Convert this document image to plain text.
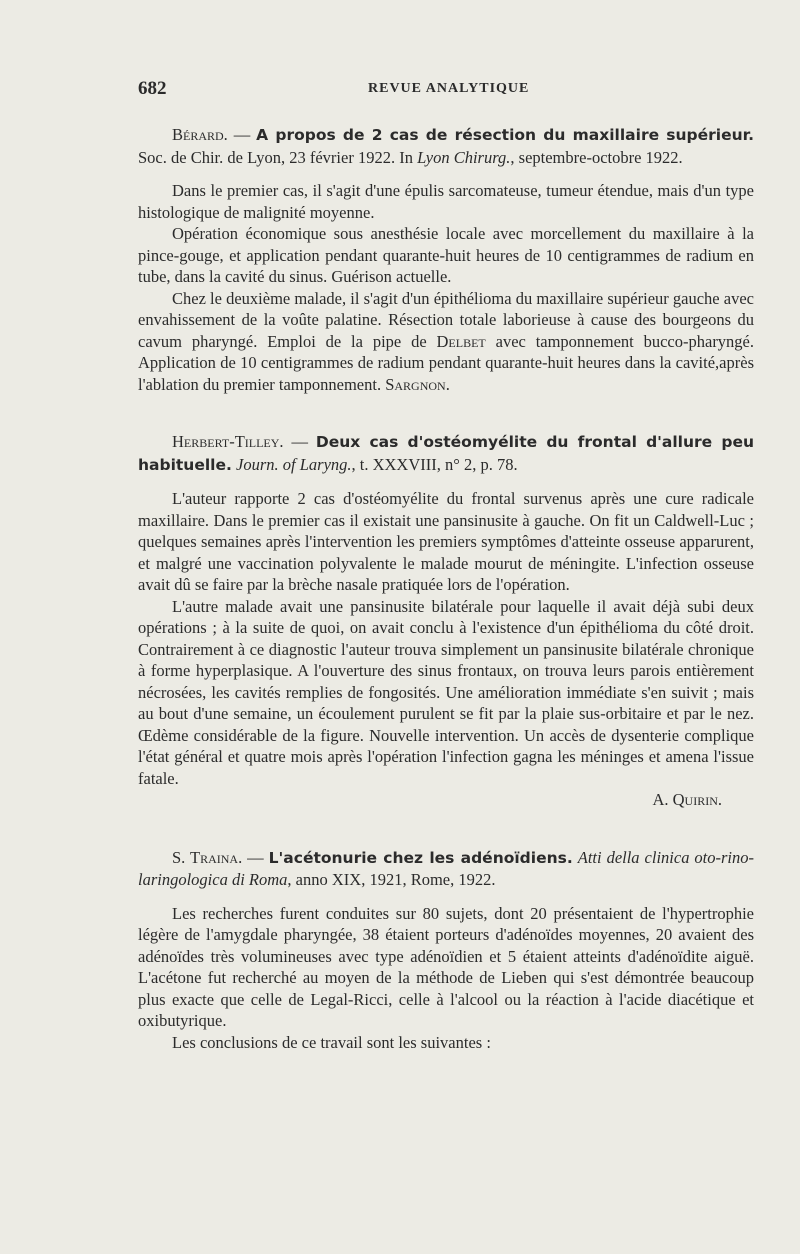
682	REVUE ANALYTIQUE

Bérard. — A propos de 2 cas de résection du maxillaire supérieur. Soc. de Chir. de Lyon, 23 février 1922. In Lyon Chirurg., septembre-octobre 1922.

Dans le premier cas, il s'agit d'une épulis sarcomateuse, tumeur étendue, mais d'un type histologique de malignité moyenne.

Opération économique sous anesthésie locale avec morcellement du maxillaire à la pince-gouge, et application pendant quarante-huit heures de 10 centigrammes de radium en tube, dans la cavité du sinus. Guérison actuelle.

Chez le deuxième malade, il s'agit d'un épithélioma du maxillaire supérieur gauche avec envahissement de la voûte palatine. Résection totale laborieuse à cause des bourgeons du cavum pharyngé. Emploi de la pipe de Delbet avec tamponnement bucco-pharyngé. Application de 10 centigrammes de radium pendant quarante-huit heures dans la cavité,après l'ablation du premier tamponnement. Sargnon.

Herbert-Tilley. — Deux cas d'ostéomyélite du frontal d'allure peu habituelle. Journ. of Laryng., t. XXXVIII, n° 2, p. 78.

L'auteur rapporte 2 cas d'ostéomyélite du frontal survenus après une cure radicale maxillaire. Dans le premier cas il existait une pansinusite à gauche. On fit un Caldwell-Luc ; quelques semaines après l'intervention les premiers symptômes d'atteinte osseuse apparurent, et malgré une vaccination polyvalente le malade mourut de méningite. L'infection osseuse avait dû se faire par la brèche nasale pratiquée lors de l'opération.

L'autre malade avait une pansinusite bilatérale pour laquelle il avait déjà subi deux opérations ; à la suite de quoi, on avait conclu à l'existence d'un épithélioma du côté droit. Contrairement à ce diagnostic l'auteur trouva simplement un pansinusite bilatérale chronique à forme hyperplasique. A l'ouverture des sinus frontaux, on trouva leurs parois entièrement nécrosées, les cavités remplies de fongosités. Une amélioration immédiate s'en suivit ; mais au bout d'une semaine, un écoulement purulent se fit par la plaie sus-orbitaire et par le nez. Œdème considérable de la figure. Nouvelle intervention. Un accès de dysenterie complique l'état général et quatre mois après l'opération l'infection gagna les méninges et amena l'issue fatale.

A. Quirin.

S. Traina. — L'acétonurie chez les adénoïdiens. Atti della clinica oto-rino-laringologica di Roma, anno XIX, 1921, Rome, 1922.

Les recherches furent conduites sur 80 sujets, dont 20 présentaient de l'hypertrophie légère de l'amygdale pharyngée, 38 étaient porteurs d'adénoïdes moyennes, 20 avaient des adénoïdes très volumineuses avec type adénoïdien et 5 étaient atteints d'adénoïdite aiguë. L'acétone fut recherché au moyen de la méthode de Lieben qui s'est démontrée beaucoup plus exacte que celle de Legal-Ricci, celle à l'alcool ou la réaction à l'acide diacétique et oxibutyrique.

Les conclusions de ce travail sont les suivantes :
